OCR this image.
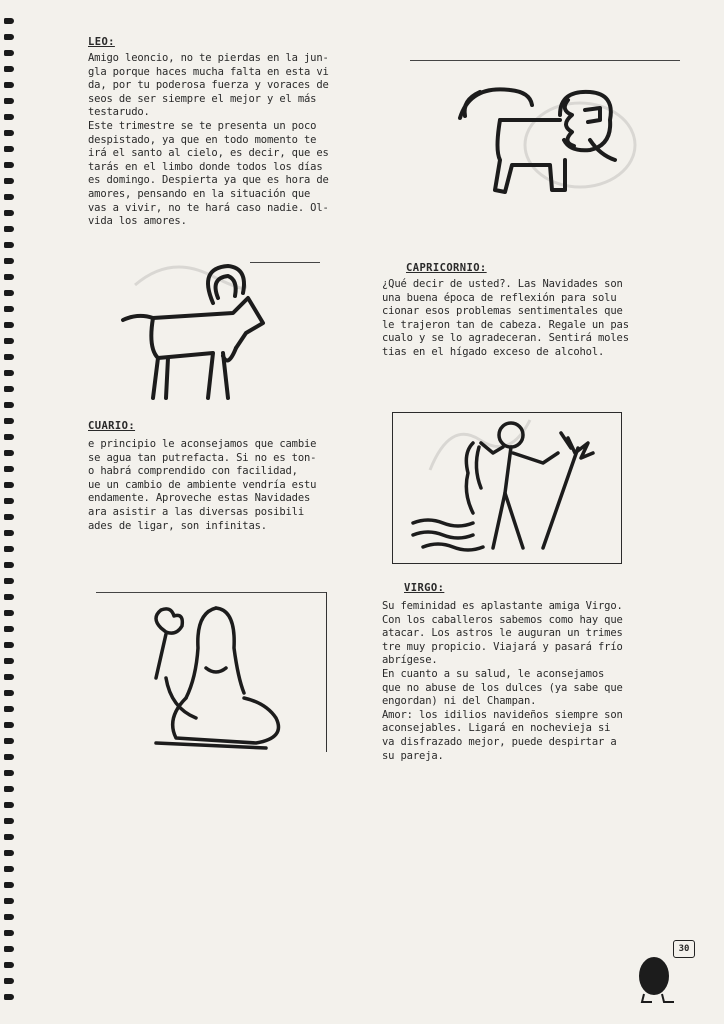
LEO:
Amigo leoncio, no te pierdas en la jun-
gla porque haces mucha falta en esta vi
da, por tu poderosa fuerza y voraces de
seos de ser siempre el mejor y el más
testarudo.
Este trimestre se te presenta un poco
despistado, ya que en todo momento te
irá el santo al cielo, es decir, que es
tarás en el limbo donde todos los días
es domingo. Despierta ya que es hora de
amores, pensando en la situación que
vas a vivir, no te hará caso nadie. Ol-
vida los amores.
CAPRICORNIO:
¿Qué decir de usted?. Las Navidades son
una buena época de reflexión para solu
cionar esos problemas sentimentales que
le trajeron tan de cabeza. Regale un pas
cualo y se lo agradeceran. Sentirá moles
tias en el hígado exceso de alcohol.
CUARIO:
e principio le aconsejamos que cambie
se agua tan putrefacta. Si no es ton-
o habrá comprendido con facilidad,
ue un cambio de ambiente vendría estu
endamente. Aproveche estas Navidades
ara asistir a las diversas posibili
ades de ligar, son infinitas.
VIRGO:
Su feminidad es aplastante amiga Virgo.
Con los caballeros sabemos como hay que
atacar. Los astros le auguran un trimes
tre muy propicio. Viajará y pasará frío
abrígese.
En cuanto a su salud, le aconsejamos
que no abuse de los dulces (ya sabe que
engordan) ni del Champan.
Amor: los idilios navideños siempre son
aconsejables. Ligará en nochevieja si
va disfrazado mejor, puede despirtar a
su pareja.
30
